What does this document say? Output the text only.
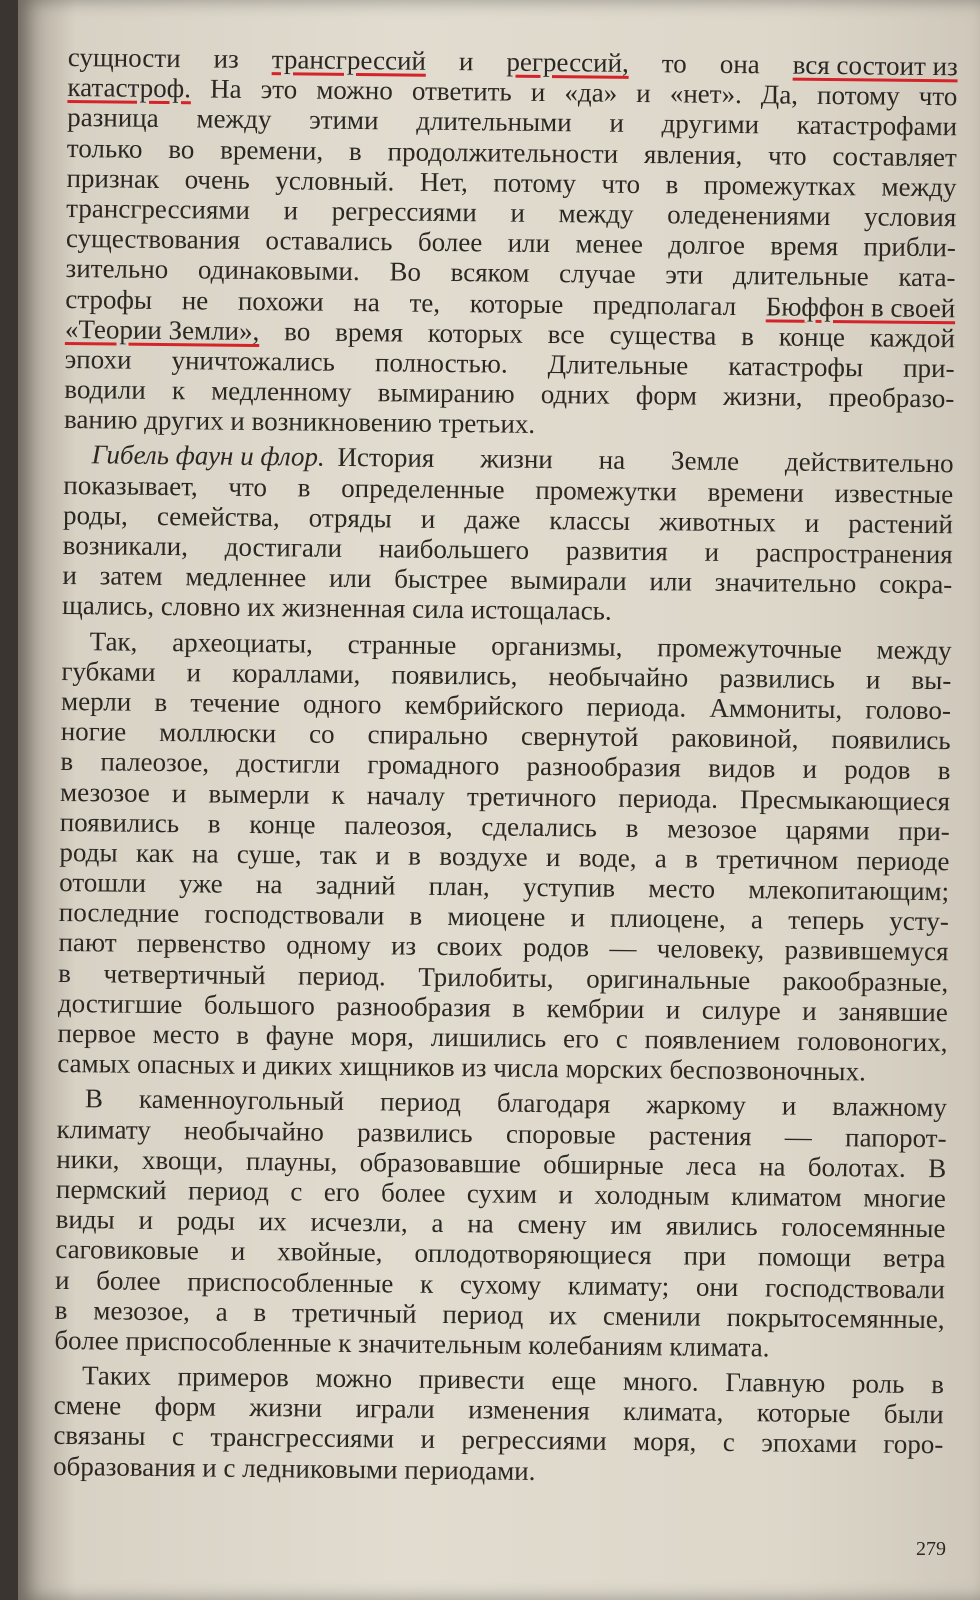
сущности из трансгрессий и регрессий, то она вся состоит из
катастроф. На это можно ответить и «да» и «нет». Да, потому что
разница между этими длительными и другими катастрофами
только во времени, в продолжительности явления, что составляет
признак очень условный. Нет, потому что в промежутках между
трансгрессиями и регрессиями и между оледенениями условия
существования оставались более или менее долгое время прибли-
зительно одинаковыми. Во всяком случае эти длительные ката-
строфы не похожи на те, которые предполагал Бюффон в своей
«Теории Земли», во время которых все существа в конце каждой
эпохи уничтожались полностью. Длительные катастрофы при-
водили к медленному вымиранию одних форм жизни, преобразо-
ванию других и возникновению третьих.
Гибель фаун и флор. История жизни на Земле действительно
показывает, что в определенные промежутки времени известные
роды, семейства, отряды и даже классы животных и растений
возникали, достигали наибольшего развития и распространения
и затем медленнее или быстрее вымирали или значительно сокра-
щались, словно их жизненная сила истощалась.
Так, археоциаты, странные организмы, промежуточные между
губками и кораллами, появились, необычайно развились и вы-
мерли в течение одного кембрийского периода. Аммониты, голово-
ногие моллюски со спирально свернутой раковиной, появились
в палеозое, достигли громадного разнообразия видов и родов в
мезозое и вымерли к началу третичного периода. Пресмыкающиеся
появились в конце палеозоя, сделались в мезозое царями при-
роды как на суше, так и в воздухе и воде, а в третичном периоде
отошли уже на задний план, уступив место млекопитающим;
последние господствовали в миоцене и плиоцене, а теперь усту-
пают первенство одному из своих родов — человеку, развившемуся
в четвертичный период. Трилобиты, оригинальные ракообразные,
достигшие большого разнообразия в кембрии и силуре и занявшие
первое место в фауне моря, лишились его с появлением головоногих,
самых опасных и диких хищников из числа морских беспозвоночных.
В каменноугольный период благодаря жаркому и влажному
климату необычайно развились споровые растения — папорот-
ники, хвощи, плауны, образовавшие обширные леса на болотах. В
пермский период с его более сухим и холодным климатом многие
виды и роды их исчезли, а на смену им явились голосемянные
саговиковые и хвойные, оплодотворяющиеся при помощи ветра
и более приспособленные к сухому климату; они господствовали
в мезозое, а в третичный период их сменили покрытосемянные,
более приспособленные к значительным колебаниям климата.
Таких примеров можно привести еще много. Главную роль в
смене форм жизни играли изменения климата, которые были
связаны с трансгрессиями и регрессиями моря, с эпохами горо-
образования и с ледниковыми периодами.
279
